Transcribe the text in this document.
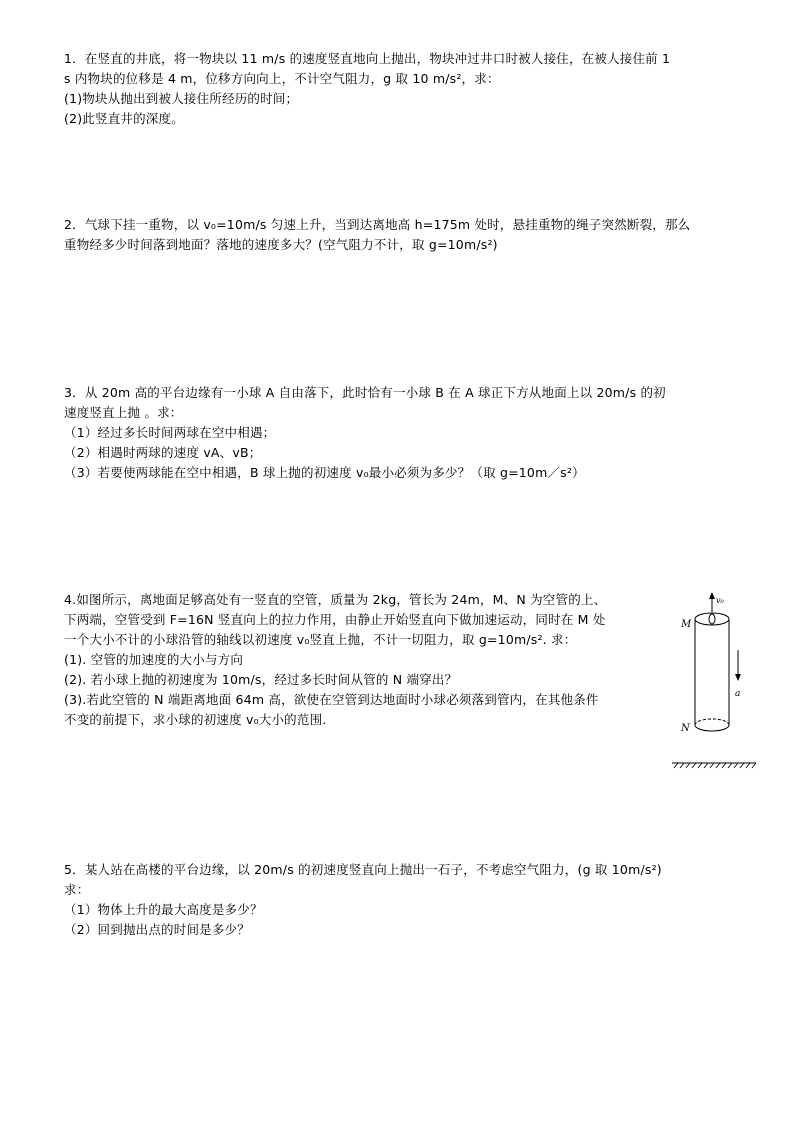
1．在竖直的井底，将一物块以 11 m/s 的速度竖直地向上抛出，物块冲过井口时被人接住，在被人接住前 1

s 内物块的位移是 4 m，位移方向向上，不计空气阻力，g 取 10 m/s²，求：

(1)物块从抛出到被人接住所经历的时间；

(2)此竖直井的深度。

2．气球下挂一重物，以 v₀=10m/s 匀速上升，当到达离地高 h=175m 处时，悬挂重物的绳子突然断裂，那么

重物经多少时间落到地面？落地的速度多大？(空气阻力不计，取 g=10m/s²)

3．从 20m 高的平台边缘有一小球 A 自由落下，此时恰有一小球 B 在 A 球正下方从地面上以 20m/s 的初

速度竖直上抛 。求：

（1）经过多长时间两球在空中相遇；

（2）相遇时两球的速度 vA、vB；

（3）若要使两球能在空中相遇，B 球上抛的初速度 v₀最小必须为多少？（取 g=10m／s²）

4.如图所示，离地面足够高处有一竖直的空管，质量为 2kg，管长为 24m，M、N 为空管的上、

下两端，空管受到 F=16N 竖直向上的拉力作用，由静止开始竖直向下做加速运动，同时在 M 处

一个大小不计的小球沿管的轴线以初速度 v₀竖直上抛，不计一切阻力，取 g=10m/s². 求：

(1). 空管的加速度的大小与方向

(2). 若小球上抛的初速度为 10m/s，经过多长时间从管的 N 端穿出？

(3).若此空管的 N 端距离地面 64m 高，欲使在空管到达地面时小球必须落到管内，在其他条件

不变的前提下，求小球的初速度 v₀大小的范围.

v₀
a
M
N

5．某人站在高楼的平台边缘，以 20m/s 的初速度竖直向上抛出一石子，不考虑空气阻力，(g 取 10m/s²)

求：

（1）物体上升的最大高度是多少？

（2）回到抛出点的时间是多少？
